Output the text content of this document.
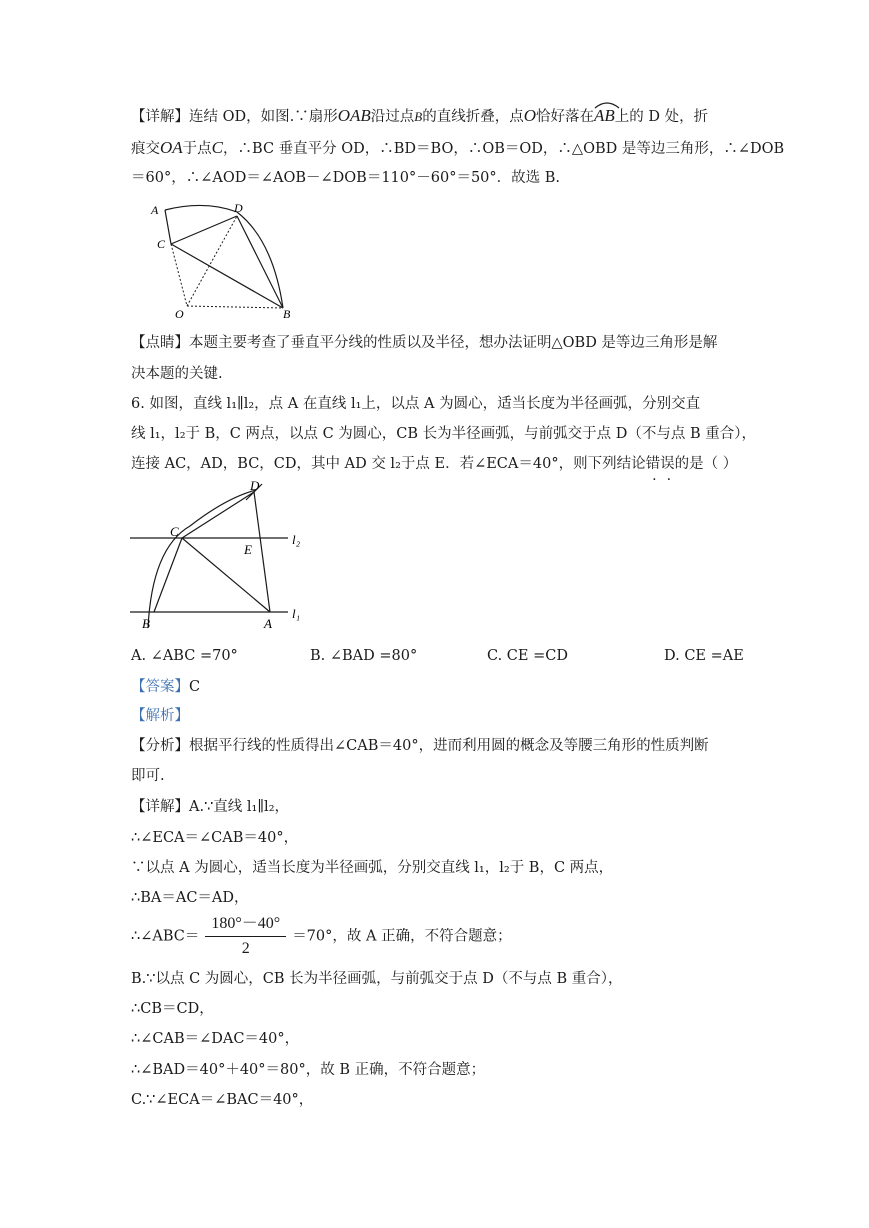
【详解】连结 OD，如图.∵扇形OAB沿过点B的直线折叠，点O恰好落在
AB上的 D 处，折
痕交OA于点C，∴BC 垂直平分 OD，∴BD＝BO，∴OB＝OD，∴△OBD 是等边三角形，∴∠DOB
＝60°，∴∠AOD＝∠AOB－∠DOB＝110°－60°＝50°．故选 B.
A	D
C
O	B
【点睛】本题主要考查了垂直平分线的性质以及半径，想办法证明△OBD 是等边三角形是解
决本题的关键.
6. 如图，直线 l₁∥l₂，点 A 在直线 l₁上，以点 A 为圆心，适当长度为半径画弧，分别交直
线 l₁，l₂于 B，C 两点，以点 C 为圆心，CB 长为半径画弧，与前弧交于点 D（不与点 B 重合），
连接 AC，AD，BC，CD，其中 AD 交 l₂于点 E．若∠ECA＝40°，则下列结论错误的是（ ）
D
C
E
l₂
B	A
l₁
A. ∠ABC =70°	B. ∠BAD =80°	C. CE =CD	D. CE =AE
【答案】C
【解析】
【分析】根据平行线的性质得出∠CAB＝40°，进而利用圆的概念及等腰三角形的性质判断
即可.
【详解】A.∵直线 l₁∥l₂，
∴∠ECA＝∠CAB＝40°，
∵以点 A 为圆心，适当长度为半径画弧，分别交直线 l₁，l₂于 B，C 两点，
∴BA＝AC＝AD，
∴∠ABC＝ $\frac{180^\circ-40^\circ}{2} =70^\circ$，故 A 正确，不符合题意；
B.∵以点 C 为圆心，CB 长为半径画弧，与前弧交于点 D（不与点 B 重合），
∴CB＝CD，
∴∠CAB＝∠DAC＝40°，
∴∠BAD＝40°＋40°＝80°，故 B 正确，不符合题意；
C.∵∠ECA＝∠BAC＝40°，
